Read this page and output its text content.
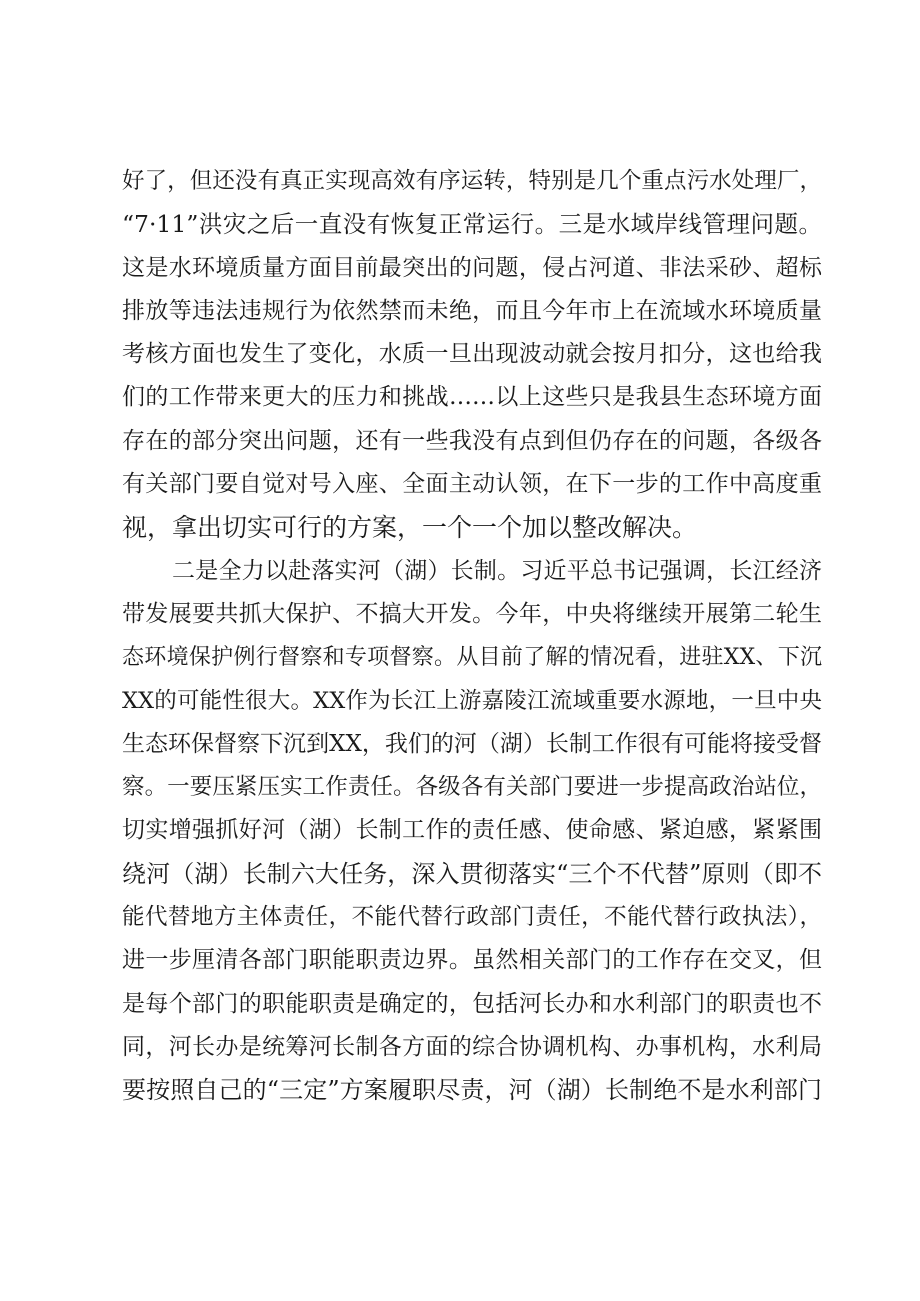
好了，但还没有真正实现高效有序运转，特别是几个重点污水处理厂，
“7·11”洪灾之后一直没有恢复正常运行。三是水域岸线管理问题。
这是水环境质量方面目前最突出的问题，侵占河道、非法采砂、超标
排放等违法违规行为依然禁而未绝，而且今年市上在流域水环境质量
考核方面也发生了变化，水质一旦出现波动就会按月扣分，这也给我
们的工作带来更大的压力和挑战……以上这些只是我县生态环境方面
存在的部分突出问题，还有一些我没有点到但仍存在的问题，各级各
有关部门要自觉对号入座、全面主动认领，在下一步的工作中高度重
视，拿出切实可行的方案，一个一个加以整改解决。
二是全力以赴落实河（湖）长制。习近平总书记强调，长江经济
带发展要共抓大保护、不搞大开发。今年，中央将继续开展第二轮生
态环境保护例行督察和专项督察。从目前了解的情况看，进驻XX、下沉
XX的可能性很大。XX作为长江上游嘉陵江流域重要水源地，一旦中央
生态环保督察下沉到XX，我们的河（湖）长制工作很有可能将接受督
察。一要压紧压实工作责任。各级各有关部门要进一步提高政治站位，
切实增强抓好河（湖）长制工作的责任感、使命感、紧迫感，紧紧围
绕河（湖）长制六大任务，深入贯彻落实“三个不代替”原则（即不
能代替地方主体责任，不能代替行政部门责任，不能代替行政执法），
进一步厘清各部门职能职责边界。虽然相关部门的工作存在交叉，但
是每个部门的职能职责是确定的，包括河长办和水利部门的职责也不
同，河长办是统筹河长制各方面的综合协调机构、办事机构，水利局
要按照自己的“三定”方案履职尽责，河（湖）长制绝不是水利部门
